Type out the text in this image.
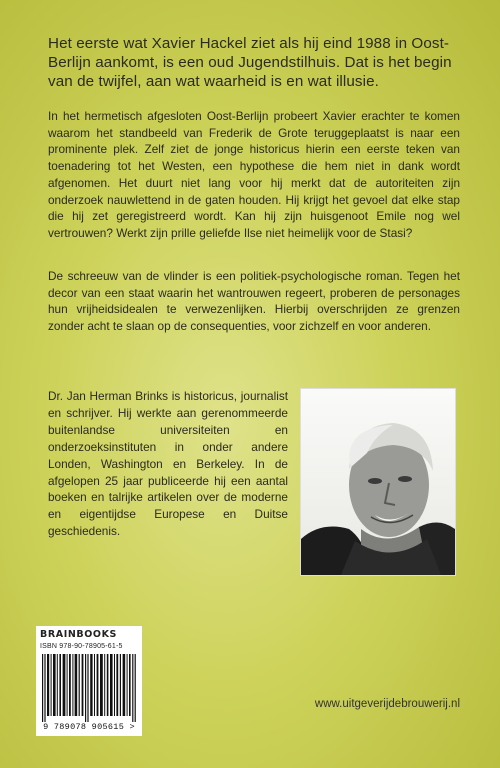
Het eerste wat Xavier Hackel ziet als hij eind 1988 in Oost-Berlijn aankomt, is een oud Jugendstilhuis. Dat is het begin van de twijfel, aan wat waarheid is en wat illusie.

In het hermetisch afgesloten Oost-Berlijn probeert Xavier erachter te komen waarom het standbeeld van Frederik de Grote teruggeplaatst is naar een prominente plek. Zelf ziet de jonge historicus hierin een eerste teken van toenadering tot het Westen, een hypothese die hem niet in dank wordt afgenomen. Het duurt niet lang voor hij merkt dat de autoriteiten zijn onderzoek nauwlettend in de gaten houden. Hij krijgt het gevoel dat elke stap die hij zet geregistreerd wordt. Kan hij zijn huisgenoot Emile nog wel vertrouwen? Werkt zijn prille geliefde Ilse niet heimelijk voor de Stasi?

De schreeuw van de vlinder is een politiek-psychologische roman. Tegen het decor van een staat waarin het wantrouwen regeert, proberen de personages hun vrijheidsidealen te verwezenlijken. Hierbij overschrijden ze grenzen zonder acht te slaan op de consequenties, voor zichzelf en voor anderen.

Dr. Jan Herman Brinks is historicus, journalist en schrijver. Hij werkte aan gerenommeerde buitenlandse universiteiten en onderzoeksinstituten in onder andere Londen, Washington en Berkeley. In de afgelopen 25 jaar publiceerde hij een aantal boeken en talrijke artikelen over de moderne en eigentijdse Europese en Duitse geschiedenis.

BRAINBOOKS
ISBN 978-90-78905-61-5
9 789078 905615 >
www.uitgeverijdebrouwerij.nl
